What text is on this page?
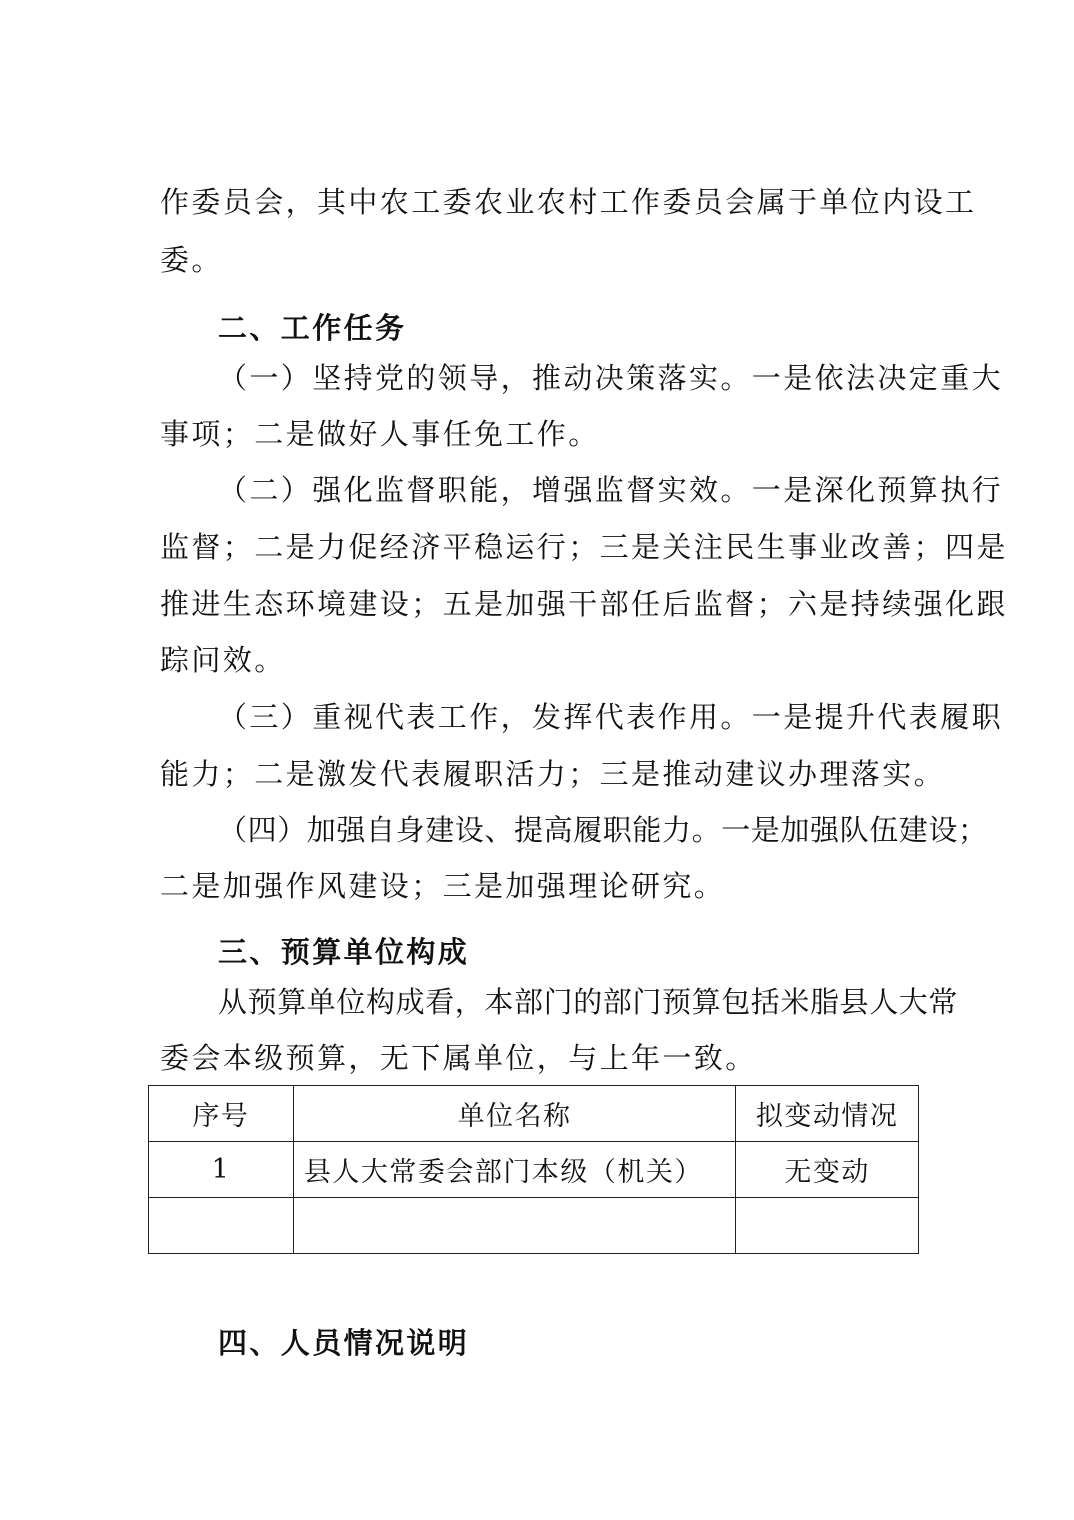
作委员会，其中农工委农业农村工作委员会属于单位内设工
委。
二、工作任务
（一）坚持党的领导，推动决策落实。一是依法决定重大
事项；二是做好人事任免工作。
（二）强化监督职能，增强监督实效。一是深化预算执行
监督；二是力促经济平稳运行；三是关注民生事业改善；四是
推进生态环境建设；五是加强干部任后监督；六是持续强化跟
踪问效。
（三）重视代表工作，发挥代表作用。一是提升代表履职
能力；二是激发代表履职活力；三是推动建议办理落实。
（四）加强自身建设、提高履职能力。一是加强队伍建设；
二是加强作风建设；三是加强理论研究。
三、预算单位构成
从预算单位构成看，本部门的部门预算包括米脂县人大常
委会本级预算，无下属单位，与上年一致。
序号	单位名称	拟变动情况
1	县人大常委会部门本级（机关）	无变动

四、人员情况说明
